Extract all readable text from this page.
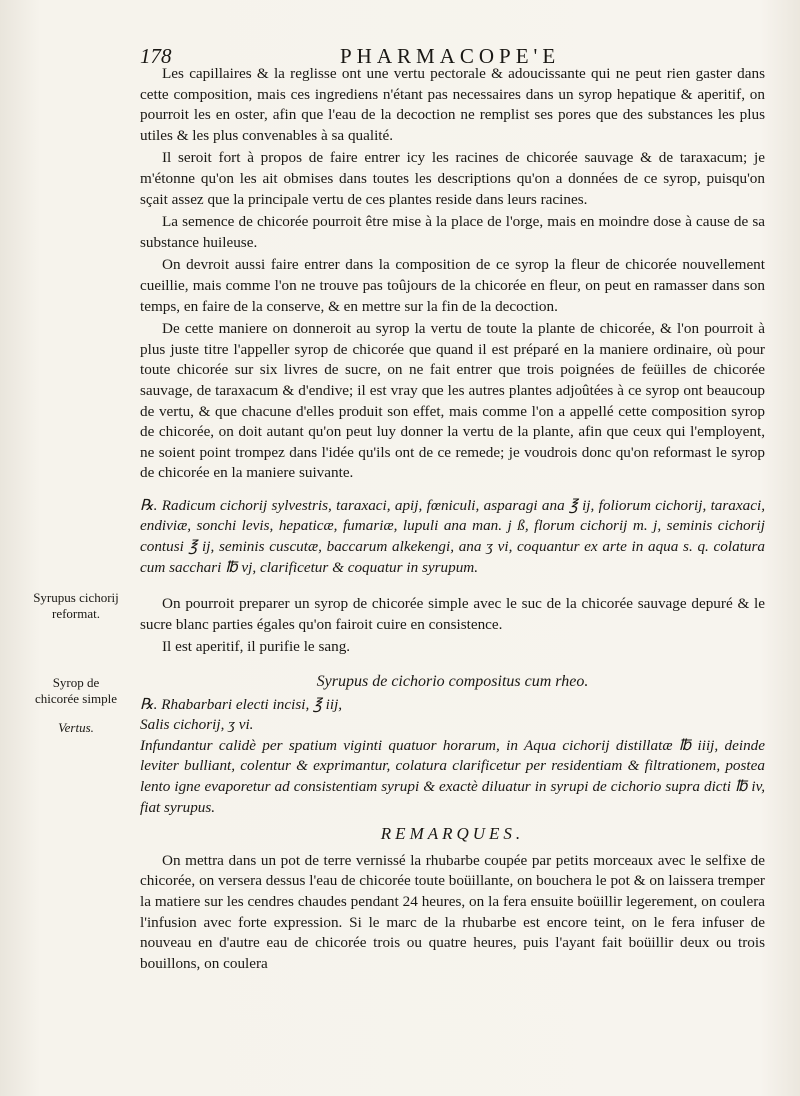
178	PHARMACOPE'E

Les capillaires & la reglisse ont une vertu pectorale & adoucissante qui ne peut rien gaster dans cette composition, mais ces ingrediens n'étant pas necessaires dans un syrop hepatique & aperitif, on pourroit les en oster, afin que l'eau de la decoction ne remplist ses pores que des substances les plus utiles & les plus convenables à sa qualité.

Il seroit fort à propos de faire entrer icy les racines de chicorée sauvage & de taraxacum; je m'étonne qu'on les ait obmises dans toutes les descriptions qu'on a données de ce syrop, puisqu'on sçait assez que la principale vertu de ces plantes reside dans leurs racines.

La semence de chicorée pourroit être mise à la place de l'orge, mais en moindre dose à cause de sa substance huileuse.

On devroit aussi faire entrer dans la composition de ce syrop la fleur de chicorée nouvellement cueillie, mais comme l'on ne trouve pas toûjours de la chicorée en fleur, on peut en ramasser dans son temps, en faire de la conserve, & en mettre sur la fin de la decoction.

De cette maniere on donneroit au syrop la vertu de toute la plante de chicorée, & l'on pourroit à plus juste titre l'appeller syrop de chicorée que quand il est préparé en la maniere ordinaire, où pour toute chicorée sur six livres de sucre, on ne fait entrer que trois poignées de feüilles de chicorée sauvage, de taraxacum & d'endive; il est vray que les autres plantes adjoûtées à ce syrop ont beaucoup de vertu, & que chacune d'elles produit son effet, mais comme l'on a appellé cette composition syrop de chicorée, on doit autant qu'on peut luy donner la vertu de la plante, afin que ceux qui l'employent, ne soient point trompez dans l'idée qu'ils ont de ce remede; je voudrois donc qu'on reformast le syrop de chicorée en la maniere suivante.

℞. Radicum cichorij sylvestris, taraxaci, apij, fœniculi, asparagi ana ℥ ij, foliorum cichorij, taraxaci, endiviæ, sonchi levis, hepaticæ, fumariæ, lupuli ana man. j ß, florum cichorij m. j, seminis cichorij contusi ℥ ij, seminis cuscutæ, baccarum alkekengi, ana ʒ vi, coquantur ex arte in aqua s. q. colatura cum sacchari ℔ vj, clarificetur & coquatur in syrupum.

On pourroit preparer un syrop de chicorée simple avec le suc de la chicorée sauvage depuré & le sucre blanc parties égales qu'on fairoit cuire en consistence.

Il est aperitif, il purifie le sang.

Syrupus de cichorio compositus cum rheo.

℞. Rhabarbari electi incisi, ℥ iij,

Salis cichorij, ʒ vi.

Infundantur calidè per spatium viginti quatuor horarum, in Aqua cichorij distillatæ ℔ iiij, deinde leviter bulliant, colentur & exprimantur, colatura clarificetur per residentiam & filtrationem, postea lento igne evaporetur ad consistentiam syrupi & exactè diluatur in syrupi de cichorio supra dicti ℔ iv, fiat syrupus.

REMARQUES.

On mettra dans un pot de terre vernissé la rhubarbe coupée par petits morceaux avec le selfixe de chicorée, on versera dessus l'eau de chicorée toute boüillante, on bouchera le pot & on laissera tremper la matiere sur les cendres chaudes pendant 24 heures, on la fera ensuite boüillir legerement, on coulera l'infusion avec forte expression. Si le marc de la rhubarbe est encore teint, on le fera infuser de nouveau en d'autre eau de chicorée trois ou quatre heures, puis l'ayant fait boüillir deux ou trois bouillons, on coulera

Syrupus cichorij reformat.
Syrop de chicorée simple
Vertus.
